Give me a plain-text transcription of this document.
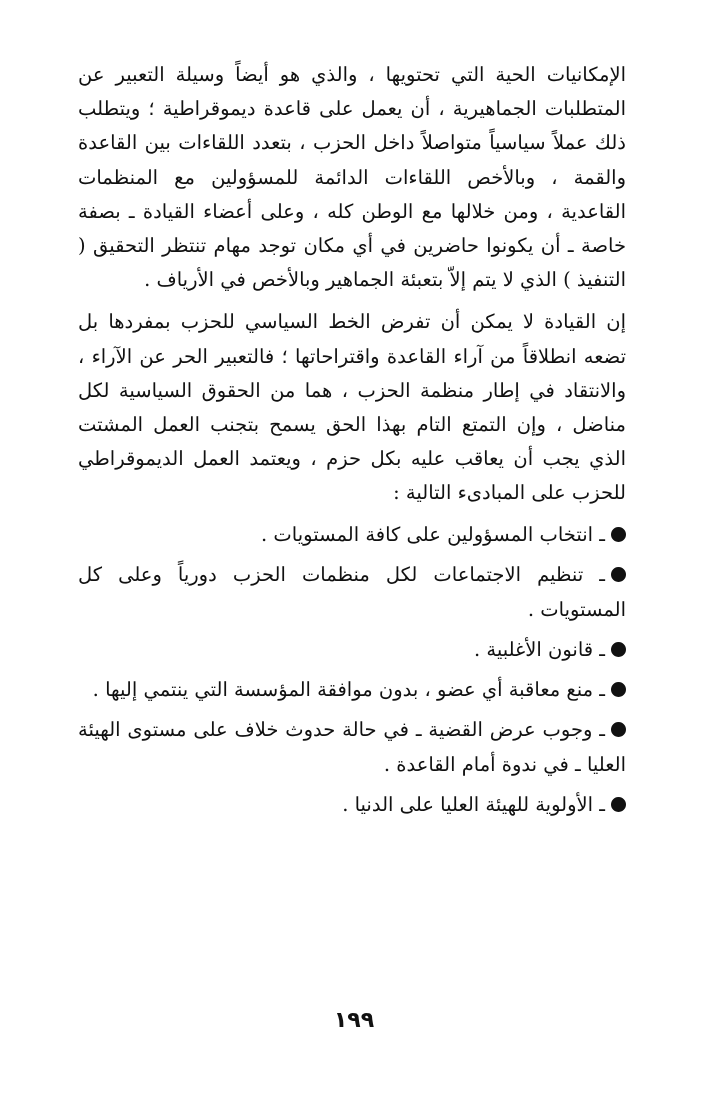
الإمكانيات الحية التي تحتويها ، والذي هو أيضاً وسيلة التعبير عن المتطلبات الجماهيرية ، أن يعمل على قاعدة ديموقراطية ؛ ويتطلب ذلك عملاً سياسياً متواصلاً داخل الحزب ، بتعدد اللقاءات بين القاعدة والقمة ، وبالأخص اللقاءات الدائمة للمسؤولين مع المنظمات القاعدية ، ومن خلالها مع الوطن كله ، وعلى أعضاء القيادة ـ بصفة خاصة ـ أن يكونوا حاضرين في أي مكان توجد مهام تنتظر التحقيق ( التنفيذ ) الذي لا يتم إلاّ بتعبئة الجماهير وبالأخص في الأرياف .

إن القيادة لا يمكن أن تفرض الخط السياسي للحزب بمفردها بل تضعه انطلاقاً من آراء القاعدة واقتراحاتها ؛ فالتعبير الحر عن الآراء ، والانتقاد في إطار منظمة الحزب ، هما من الحقوق السياسية لكل مناضل ، وإن التمتع التام بهذا الحق يسمح بتجنب العمل المشتت الذي يجب أن يعاقب عليه بكل حزم ، ويعتمد العمل الديموقراطي للحزب على المبادىء التالية :

ـ انتخاب المسؤولين على كافة المستويات .
ـ تنظيم الاجتماعات لكل منظمات الحزب دورياً وعلى كل المستويات .
ـ قانون الأغلبية .
ـ منع معاقبة أي عضو ، بدون موافقة المؤسسة التي ينتمي إليها .
ـ وجوب عرض القضية ـ في حالة حدوث خلاف على مستوى الهيئة العليا ـ في ندوة أمام القاعدة .
ـ الأولوية للهيئة العليا على الدنيا .
١٩٩
